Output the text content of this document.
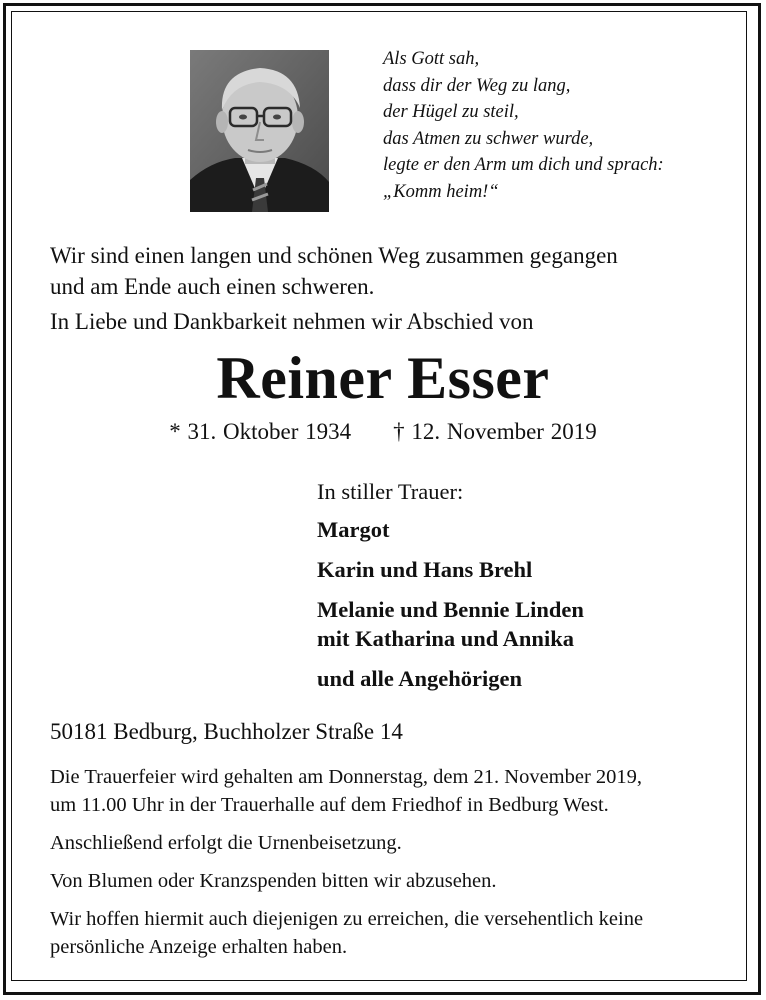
Als Gott sah,
dass dir der Weg zu lang,
der Hügel zu steil,
das Atmen zu schwer wurde,
legte er den Arm um dich und sprach:
„Komm heim!“
Wir sind einen langen und schönen Weg zusammen gegangen
und am Ende auch einen schweren.
In Liebe und Dankbarkeit nehmen wir Abschied von
Reiner Esser
* 31. Oktober 1934 † 12. November 2019
In stiller Trauer:
Margot
Karin und Hans Brehl
Melanie und Bennie Linden
mit Katharina und Annika
und alle Angehörigen
50181 Bedburg, Buchholzer Straße 14
Die Trauerfeier wird gehalten am Donnerstag, dem 21. November 2019,
um 11.00 Uhr in der Trauerhalle auf dem Friedhof in Bedburg West.
Anschließend erfolgt die Urnenbeisetzung.
Von Blumen oder Kranzspenden bitten wir abzusehen.
Wir hoffen hiermit auch diejenigen zu erreichen, die versehentlich keine
persönliche Anzeige erhalten haben.
